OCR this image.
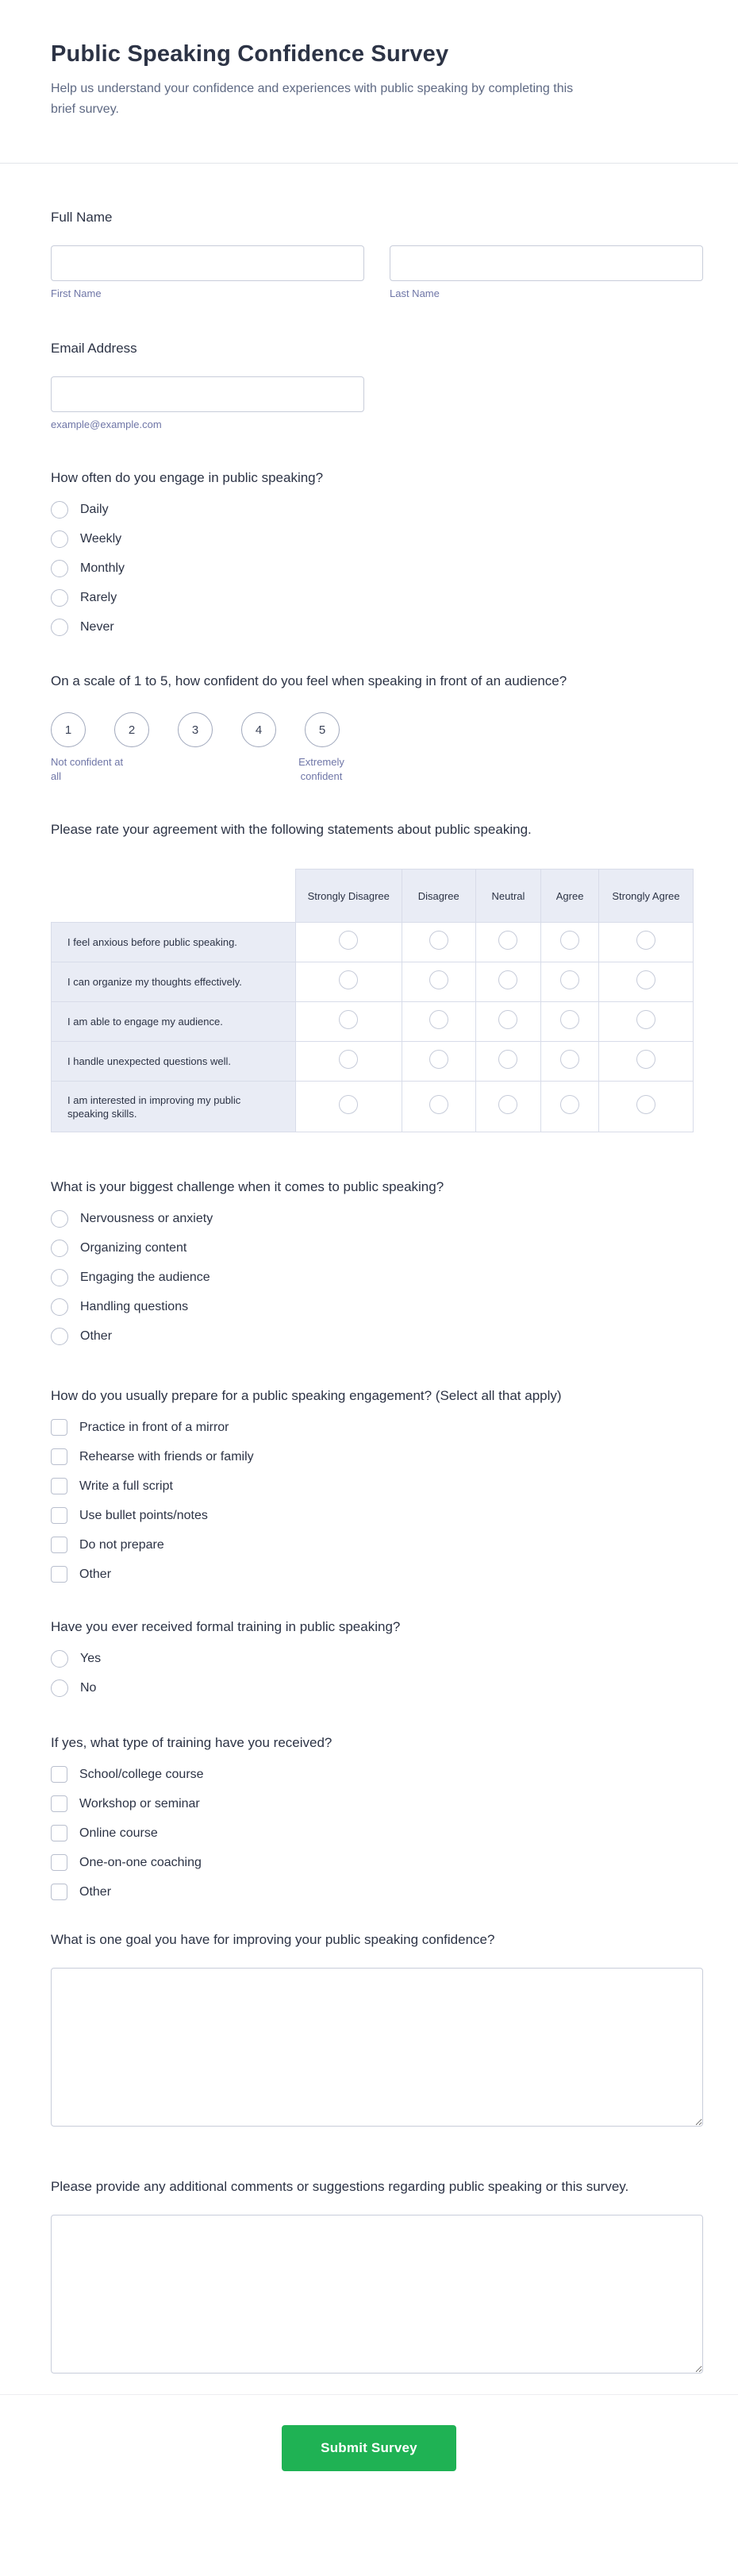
Public Speaking Confidence Survey

Help us understand your confidence and experiences with public speaking by completing this brief survey.

Full Name
First Name	Last Name
Email Address
example@example.com
How often do you engage in public speaking?
Daily
Weekly
Monthly
Rarely
Never
On a scale of 1 to 5, how confident do you feel when speaking in front of an audience?
1	2	3	4	5
Not confident at all
Extremely confident
Please rate your agreement with the following statements about public speaking.
	Strongly Disagree	Disagree	Neutral	Agree	Strongly Agree
I feel anxious before public speaking.					
I can organize my thoughts effectively.					
I am able to engage my audience.					
I handle unexpected questions well.					
I am interested in improving my public speaking skills.					
What is your biggest challenge when it comes to public speaking?
Nervousness or anxiety
Organizing content
Engaging the audience
Handling questions
Other
How do you usually prepare for a public speaking engagement? (Select all that apply)
Practice in front of a mirror
Rehearse with friends or family
Write a full script
Use bullet points/notes
Do not prepare
Other
Have you ever received formal training in public speaking?
Yes
No
If yes, what type of training have you received?
School/college course
Workshop or seminar
Online course
One-on-one coaching
Other
What is one goal you have for improving your public speaking confidence?
Please provide any additional comments or suggestions regarding public speaking or this survey.
Submit Survey
